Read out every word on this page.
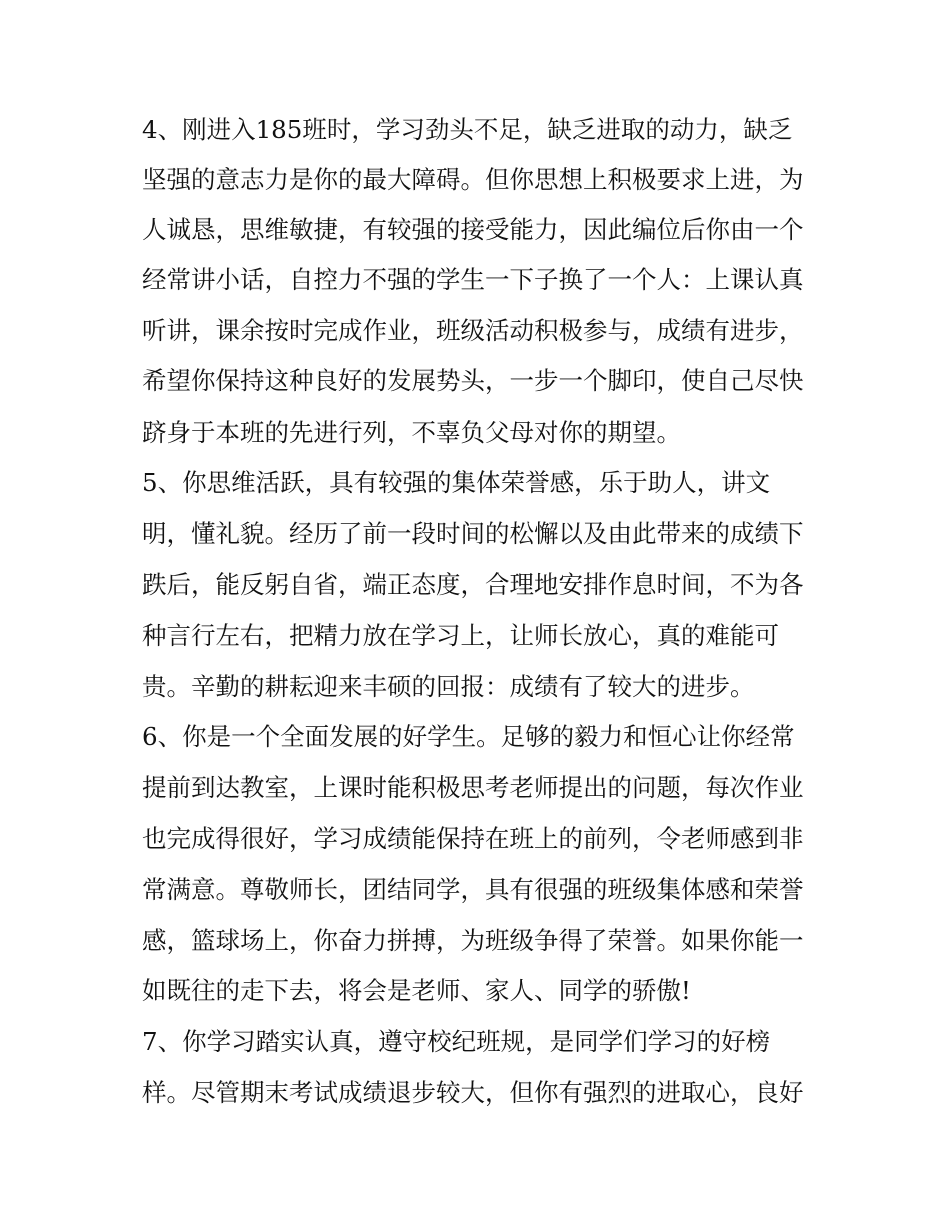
4、刚进入185班时，学习劲头不足，缺乏进取的动力，缺乏
坚强的意志力是你的最大障碍。但你思想上积极要求上进，为
人诚恳，思维敏捷，有较强的接受能力，因此编位后你由一个
经常讲小话，自控力不强的学生一下子换了一个人：上课认真
听讲，课余按时完成作业，班级活动积极参与，成绩有进步，
希望你保持这种良好的发展势头，一步一个脚印，使自己尽快
跻身于本班的先进行列，不辜负父母对你的期望。
5、你思维活跃，具有较强的集体荣誉感，乐于助人，讲文
明，懂礼貌。经历了前一段时间的松懈以及由此带来的成绩下
跌后，能反躬自省，端正态度，合理地安排作息时间，不为各
种言行左右，把精力放在学习上，让师长放心，真的难能可
贵。辛勤的耕耘迎来丰硕的回报：成绩有了较大的进步。
6、你是一个全面发展的好学生。足够的毅力和恒心让你经常
提前到达教室，上课时能积极思考老师提出的问题，每次作业
也完成得很好，学习成绩能保持在班上的前列，令老师感到非
常满意。尊敬师长，团结同学，具有很强的班级集体感和荣誉
感，篮球场上，你奋力拼搏，为班级争得了荣誉。如果你能一
如既往的走下去，将会是老师、家人、同学的骄傲!
7、你学习踏实认真，遵守校纪班规，是同学们学习的好榜
样。尽管期末考试成绩退步较大，但你有强烈的进取心，良好
